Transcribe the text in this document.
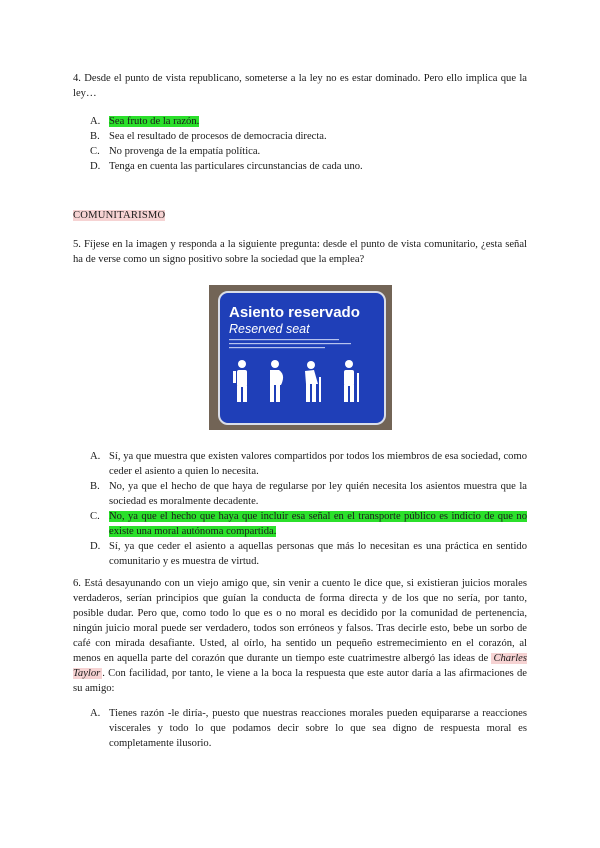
4. Desde el punto de vista republicano, someterse a la ley no es estar dominado. Pero ello implica que la ley…
A. Sea fruto de la razón.
B. Sea el resultado de procesos de democracia directa.
C. No provenga de la empatía política.
D. Tenga en cuenta las particulares circunstancias de cada uno.
COMUNITARISMO
5. Fíjese en la imagen y responda a la siguiente pregunta: desde el punto de vista comunitario, ¿esta señal ha de verse como un signo positivo sobre la sociedad que la emplea?
Asiento reservado
Reserved seat
A. Sí, ya que muestra que existen valores compartidos por todos los miembros de esa sociedad, como ceder el asiento a quien lo necesita.
B. No, ya que el hecho de que haya de regularse por ley quién necesita los asientos muestra que la sociedad es moralmente decadente.
C. No, ya que el hecho que haya que incluir esa señal en el transporte público es indicio de que no existe una moral autónoma compartida.
D. Sí, ya que ceder el asiento a aquellas personas que más lo necesitan es una práctica en sentido comunitario y es muestra de virtud.
6. Está desayunando con un viejo amigo que, sin venir a cuento le dice que, si existieran juicios morales verdaderos, serían principios que guían la conducta de forma directa y de los que no sería, por tanto, posible dudar. Pero que, como todo lo que es o no moral es decidido por la comunidad de pertenencia, ningún juicio moral puede ser verdadero, todos son erróneos y falsos. Tras decirle esto, bebe un sorbo de café con mirada desafiante. Usted, al oírlo, ha sentido un pequeño estremecimiento en el corazón, al menos en aquella parte del corazón que durante un tiempo este cuatrimestre albergó las ideas de Charles Taylor . Con facilidad, por tanto, le viene a la boca la respuesta que este autor daría a las afirmaciones de su amigo:
A. Tienes razón -le diría-, puesto que nuestras reacciones morales pueden equipararse a reacciones viscerales y todo lo que podamos decir sobre lo que sea digno de respuesta moral es completamente ilusorio.
